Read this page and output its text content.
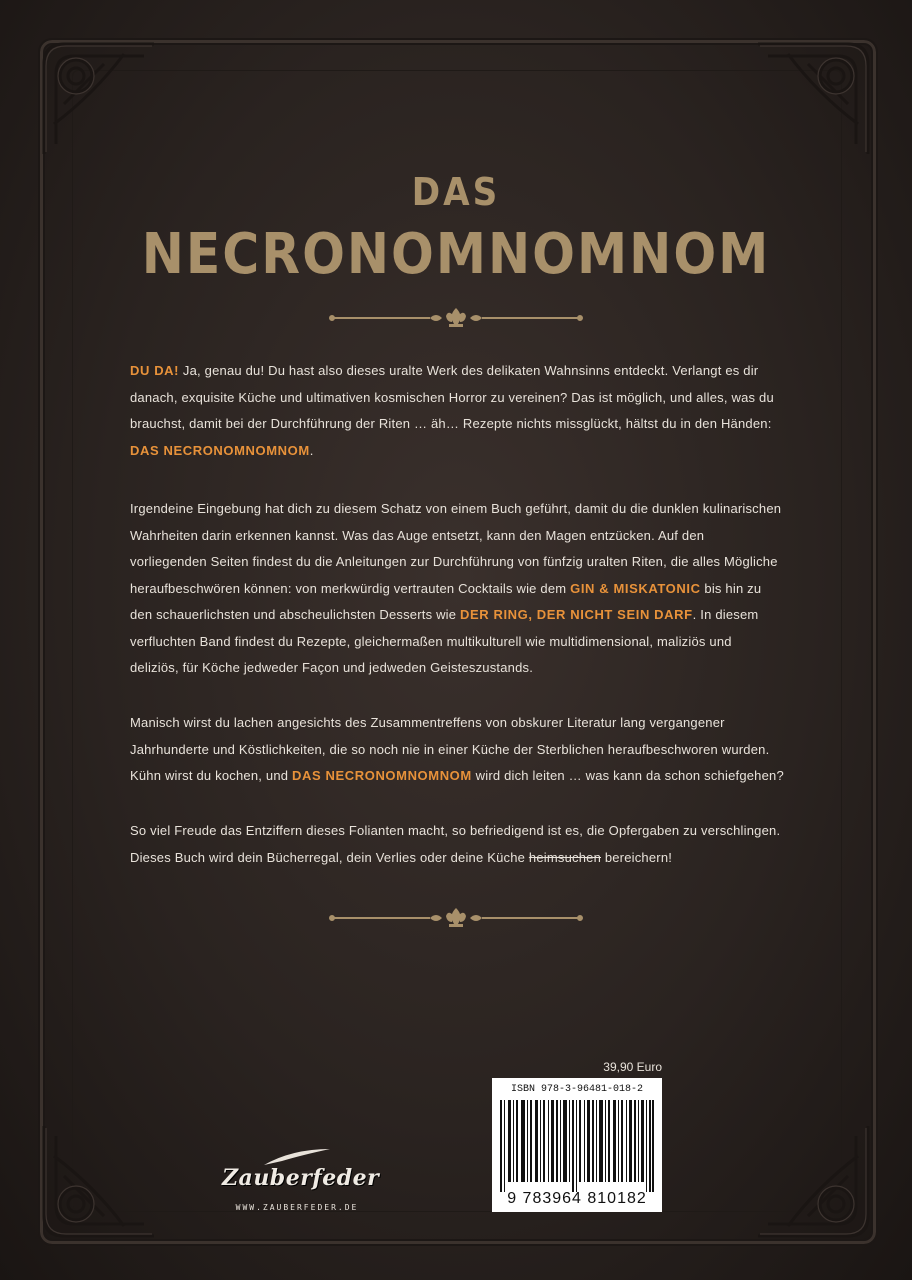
DAS
NECRONOMNOMNOM
DU DA! Ja, genau du! Du hast also dieses uralte Werk des delikaten Wahnsinns entdeckt. Verlangt es dir danach, exquisite Küche und ultimativen kosmischen Horror zu vereinen? Das ist möglich, und alles, was du brauchst, damit bei der Durchführung der Riten … äh… Rezepte nichts missglückt, hältst du in den Händen: DAS NECRONOMNOMNOM.
Irgendeine Eingebung hat dich zu diesem Schatz von einem Buch geführt, damit du die dunklen kulinarischen Wahrheiten darin erkennen kannst. Was das Auge entsetzt, kann den Magen entzücken. Auf den vorliegenden Seiten findest du die Anleitungen zur Durchführung von fünfzig uralten Riten, die alles Mögliche heraufbeschwören können: von merkwürdig vertrauten Cocktails wie dem GIN & MISKATONIC bis hin zu den schauerlichsten und abscheulichsten Desserts wie DER RING, DER NICHT SEIN DARF. In diesem verfluchten Band findest du Rezepte, gleichermaßen multikulturell wie multidimensional, maliziös und deliziös, für Köche jedweder Façon und jedweden Geisteszustands.
Manisch wirst du lachen angesichts des Zusammentreffens von obskurer Literatur lang vergangener Jahrhunderte und Köstlichkeiten, die so noch nie in einer Küche der Sterblichen heraufbeschworen wurden. Kühn wirst du kochen, und DAS NECRONOMNOMNOM wird dich leiten … was kann da schon schiefgehen?
So viel Freude das Entziffern dieses Folianten macht, so befriedigend ist es, die Opfergaben zu verschlingen. Dieses Buch wird dein Bücherregal, dein Verlies oder deine Küche heimsuchen bereichern!
39,90 Euro
ISBN 978-3-96481-018-2
9 783964 810182
Zauberfeder
WWW.ZAUBERFEDER.DE
